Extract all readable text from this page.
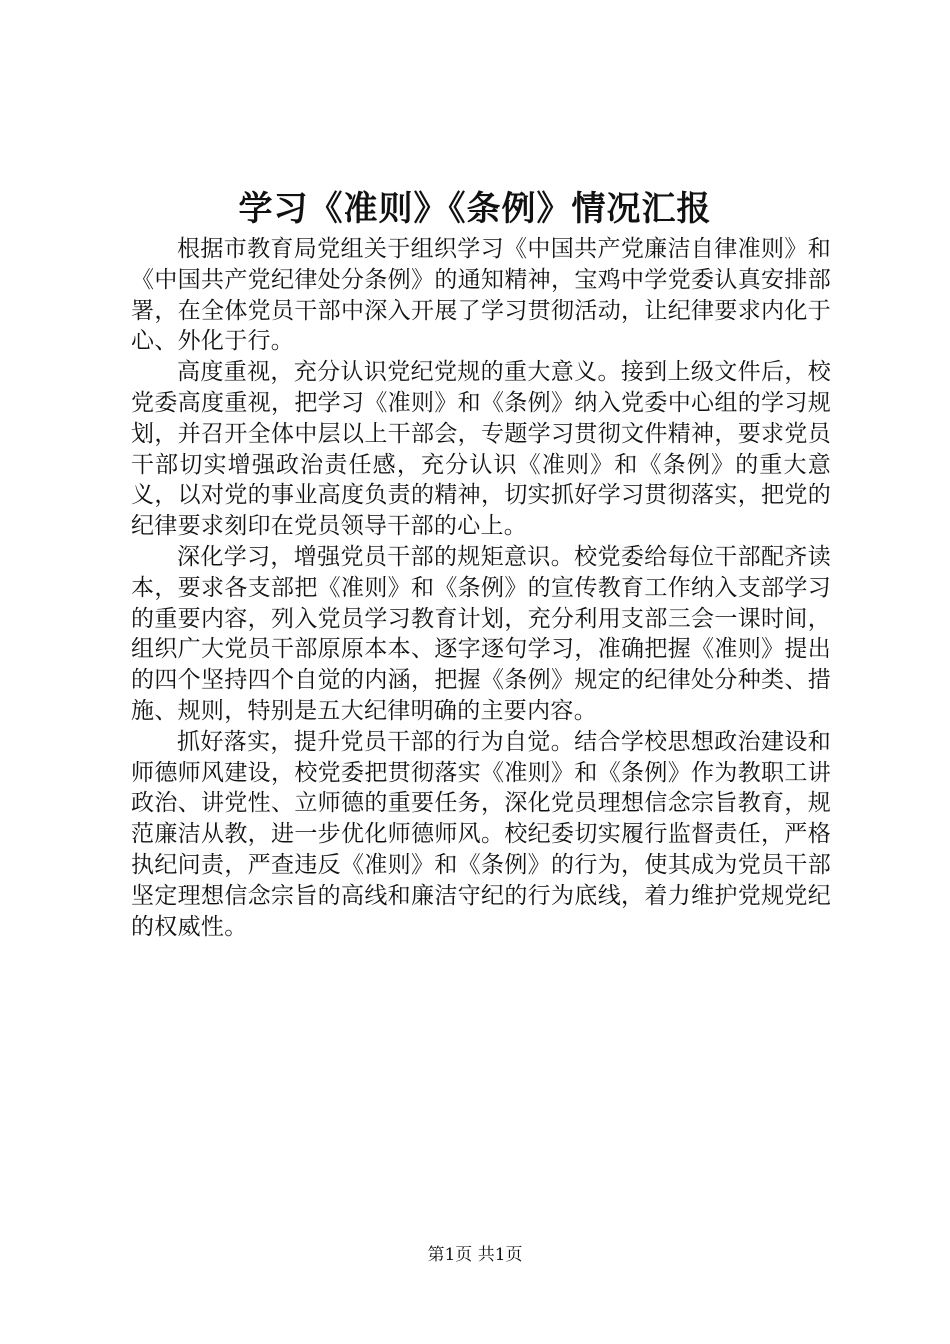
学习《准则》《条例》情况汇报

根据市教育局党组关于组织学习《中国共产党廉洁自律准则》和《中国共产党纪律处分条例》的通知精神，宝鸡中学党委认真安排部署，在全体党员干部中深入开展了学习贯彻活动，让纪律要求内化于心、外化于行。

高度重视，充分认识党纪党规的重大意义。接到上级文件后，校党委高度重视，把学习《准则》和《条例》纳入党委中心组的学习规划，并召开全体中层以上干部会，专题学习贯彻文件精神，要求党员干部切实增强政治责任感，充分认识《准则》和《条例》的重大意义，以对党的事业高度负责的精神，切实抓好学习贯彻落实，把党的纪律要求刻印在党员领导干部的心上。

深化学习，增强党员干部的规矩意识。校党委给每位干部配齐读本，要求各支部把《准则》和《条例》的宣传教育工作纳入支部学习的重要内容，列入党员学习教育计划，充分利用支部三会一课时间，组织广大党员干部原原本本、逐字逐句学习，准确把握《准则》提出的四个坚持四个自觉的内涵，把握《条例》规定的纪律处分种类、措施、规则，特别是五大纪律明确的主要内容。

抓好落实，提升党员干部的行为自觉。结合学校思想政治建设和师德师风建设，校党委把贯彻落实《准则》和《条例》作为教职工讲政治、讲党性、立师德的重要任务，深化党员理想信念宗旨教育，规范廉洁从教，进一步优化师德师风。校纪委切实履行监督责任，严格执纪问责，严查违反《准则》和《条例》的行为，使其成为党员干部坚定理想信念宗旨的高线和廉洁守纪的行为底线，着力维护党规党纪的权威性。

第1页 共1页
